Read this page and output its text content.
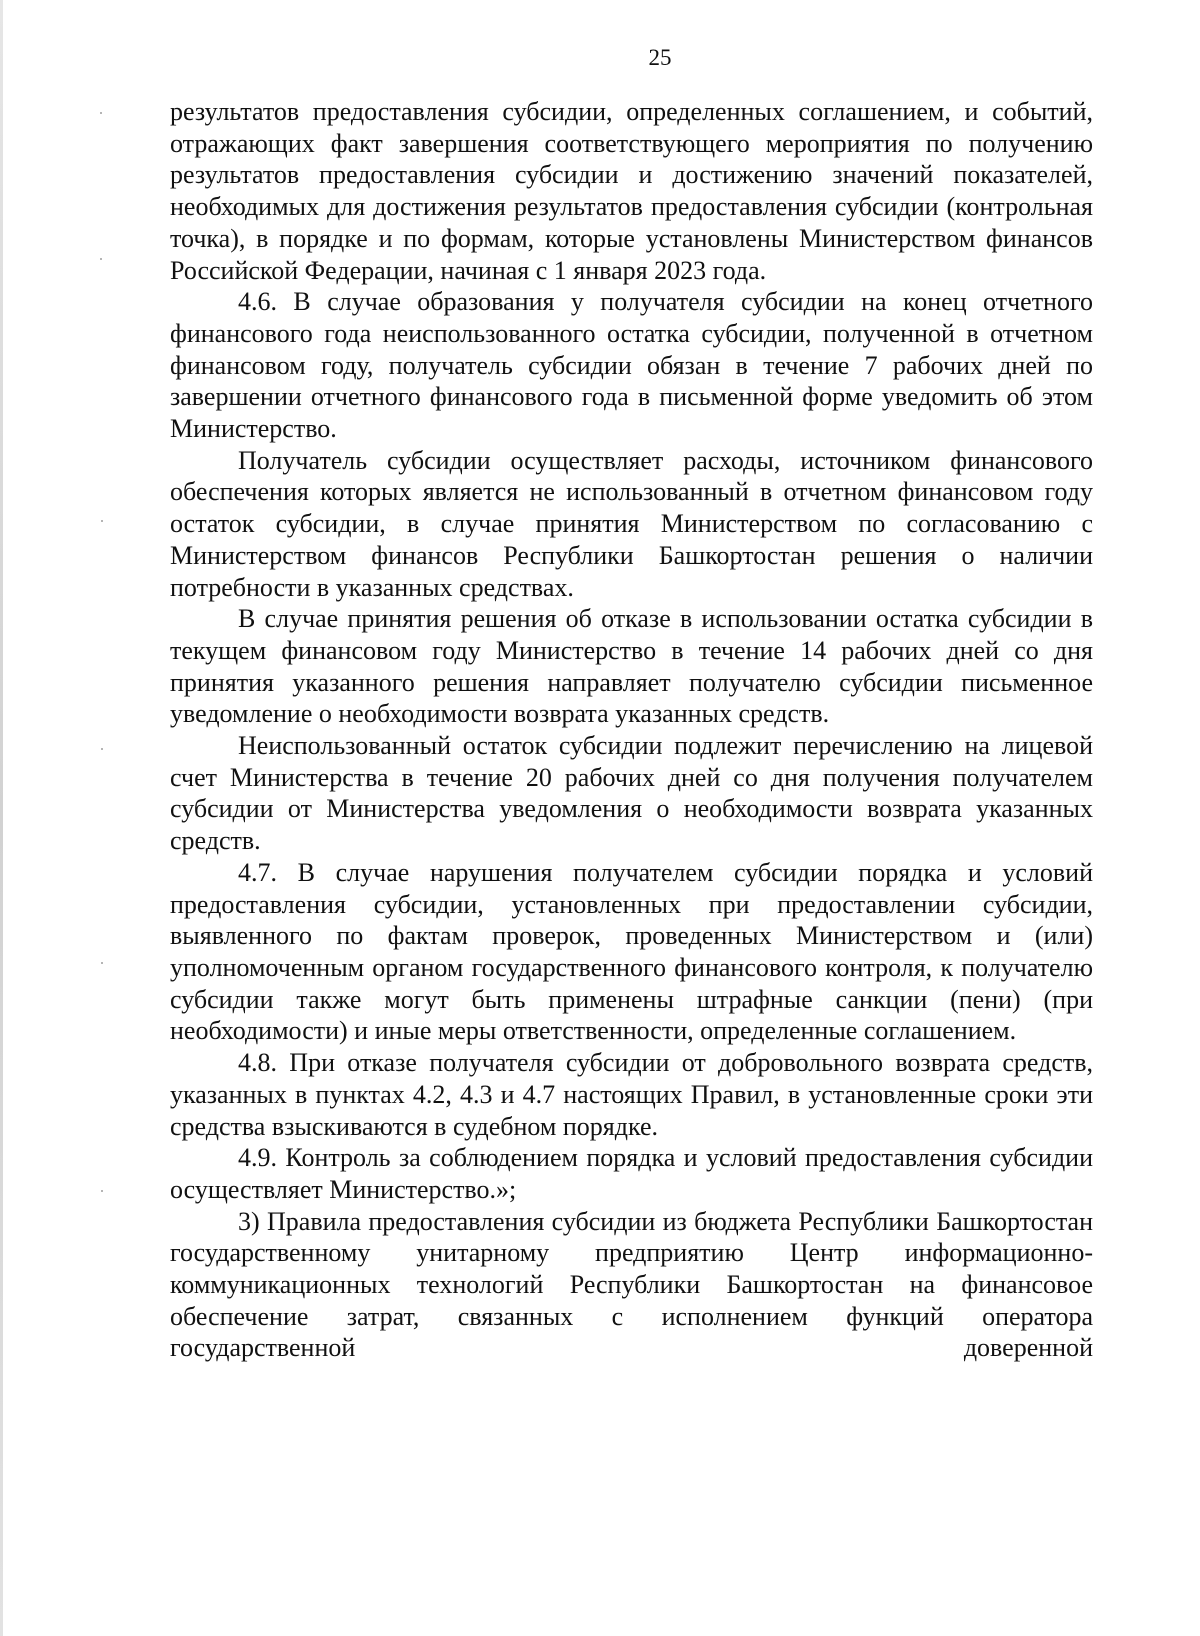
25

результатов предоставления субсидии, определенных соглашением, и событий, отражающих факт завершения соответствующего мероприятия по получению результатов предоставления субсидии и достижению значений показателей, необходимых для достижения результатов предоставления субсидии (контрольная точка), в порядке и по формам, которые установлены Министерством финансов Российской Федерации, начиная с 1 января 2023 года.

4.6. В случае образования у получателя субсидии на конец отчетного финансового года неиспользованного остатка субсидии, полученной в отчетном финансовом году, получатель субсидии обязан в течение 7 рабочих дней по завершении отчетного финансового года в письменной форме уведомить об этом Министерство.

Получатель субсидии осуществляет расходы, источником финансового обеспечения которых является не использованный в отчетном финансовом году остаток субсидии, в случае принятия Министерством по согласованию с Министерством финансов Республики Башкортостан решения о наличии потребности в указанных средствах.

В случае принятия решения об отказе в использовании остатка субсидии в текущем финансовом году Министерство в течение 14 рабочих дней со дня принятия указанного решения направляет получателю субсидии письменное уведомление о необходимости возврата указанных средств.

Неиспользованный остаток субсидии подлежит перечислению на лицевой счет Министерства в течение 20 рабочих дней со дня получения получателем субсидии от Министерства уведомления о необходимости возврата указанных средств.

4.7. В случае нарушения получателем субсидии порядка и условий предоставления субсидии, установленных при предоставлении субсидии, выявленного по фактам проверок, проведенных Министерством и (или) уполномоченным органом государственного финансового контроля, к получателю субсидии также могут быть применены штрафные санкции (пени) (при необходимости) и иные меры ответственности, определенные соглашением.

4.8. При отказе получателя субсидии от добровольного возврата средств, указанных в пунктах 4.2, 4.3 и 4.7 настоящих Правил, в установленные сроки эти средства взыскиваются в судебном порядке.

4.9. Контроль за соблюдением порядка и условий предоставления субсидии осуществляет Министерство.»;

3) Правила предоставления субсидии из бюджета Республики Башкортостан государственному унитарному предприятию Центр информационно-коммуникационных технологий Республики Башкортостан на финансовое обеспечение затрат, связанных с исполнением функций оператора государственной доверенной
